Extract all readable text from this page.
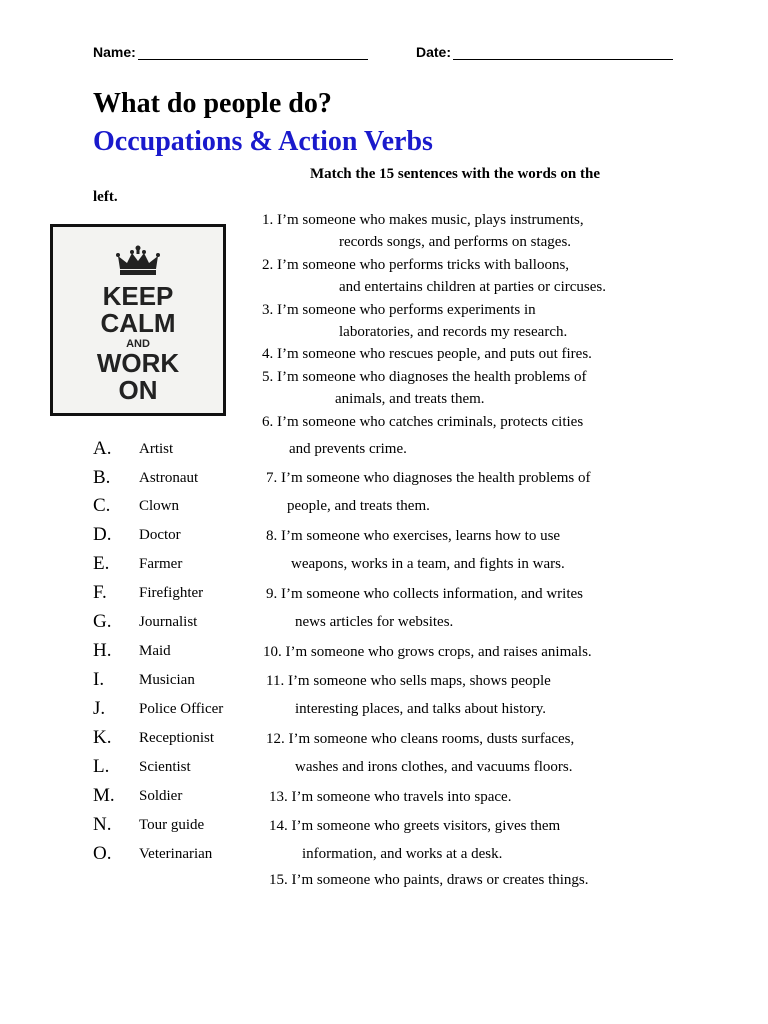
Name:	Date:
What do people do?
Occupations & Action Verbs
Match the 15 sentences with the words on the
left.
KEEP
CALM
AND
WORK
ON
A. Artist
B. Astronaut
C. Clown
D. Doctor
E. Farmer
F. Firefighter
G. Journalist
H. Maid
I. Musician
J. Police Officer
K. Receptionist
L. Scientist
M. Soldier
N. Tour guide
O. Veterinarian
1. I’m someone who makes music, plays instruments,
records songs, and performs on stages.
2. I’m someone who performs tricks with balloons,
and entertains children at parties or circuses.
3. I’m someone who performs experiments in
laboratories, and records my research.
4. I’m someone who rescues people, and puts out fires.
5. I’m someone who diagnoses the health problems of
animals, and treats them.
6. I’m someone who catches criminals, protects cities
and prevents crime.
7. I’m someone who diagnoses the health problems of
people, and treats them.
8. I’m someone who exercises, learns how to use
weapons, works in a team, and fights in wars.
9. I’m someone who collects information, and writes
news articles for websites.
10. I’m someone who grows crops, and raises animals.
11. I’m someone who sells maps, shows people
interesting places, and talks about history.
12. I’m someone who cleans rooms, dusts surfaces,
washes and irons clothes, and vacuums floors.
13. I’m someone who travels into space.
14. I’m someone who greets visitors, gives them
information, and works at a desk.
15. I’m someone who paints, draws or creates things.
